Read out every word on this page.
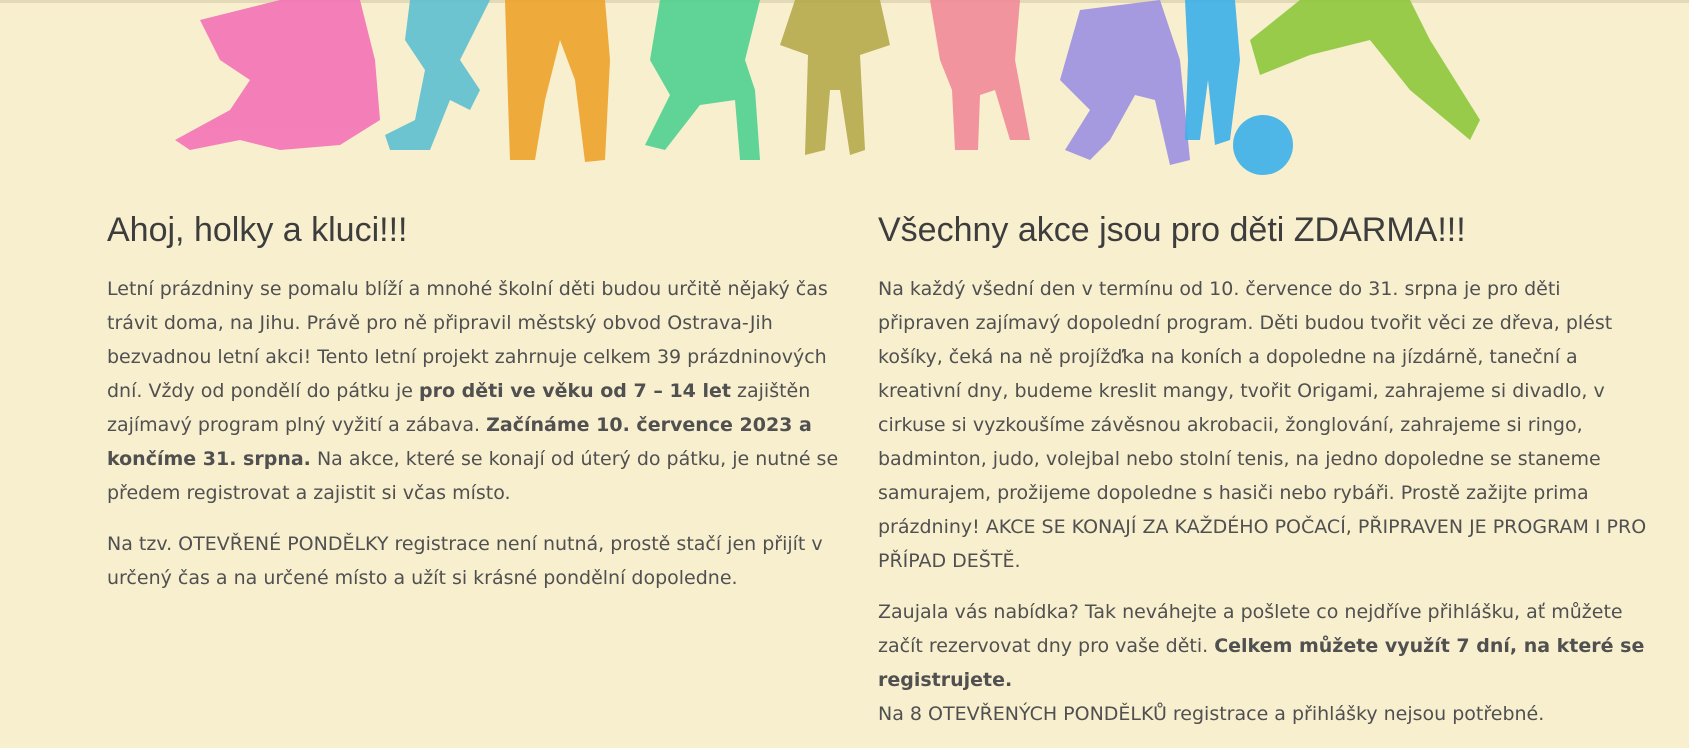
Ahoj, holky a kluci!!!

Letní prázdniny se pomalu blíží a mnohé školní děti budou určitě nějaký čas trávit doma, na Jihu. Právě pro ně připravil městský obvod Ostrava-Jih bezvadnou letní akci! Tento letní projekt zahrnuje celkem 39 prázdninových dní. Vždy od pondělí do pátku je pro děti ve věku od 7 – 14 let zajištěn zajímavý program plný vyžití a zábava. Začínáme 10. července 2023 a končíme 31. srpna. Na akce, které se konají od úterý do pátku, je nutné se předem registrovat a zajistit si včas místo.

Na tzv. OTEVŘENÉ PONDĚLKY registrace není nutná, prostě stačí jen přijít v určený čas a na určené místo a užít si krásné pondělní dopoledne.

Všechny akce jsou pro děti ZDARMA!!!

Na každý všední den v termínu od 10. července do 31. srpna je pro děti připraven zajímavý dopolední program. Děti budou tvořit věci ze dřeva, plést košíky, čeká na ně projížďka na koních a dopoledne na jízdárně, taneční a kreativní dny, budeme kreslit mangy, tvořit Origami, zahrajeme si divadlo, v cirkuse si vyzkoušíme závěsnou akrobacii, žonglování, zahrajeme si ringo, badminton, judo, volejbal nebo stolní tenis, na jedno dopoledne se staneme samurajem, prožijeme dopoledne s hasiči nebo rybáři. Prostě zažijte prima prázdniny! AKCE SE KONAJÍ ZA KAŽDÉHO POČACÍ, PŘIPRAVEN JE PROGRAM I PRO PŘÍPAD DEŠTĚ.

Zaujala vás nabídka? Tak neváhejte a pošlete co nejdříve přihlášku, ať můžete začít rezervovat dny pro vaše děti. Celkem můžete využít 7 dní, na které se registrujete.
Na 8 OTEVŘENÝCH PONDĚLKŮ registrace a přihlášky nejsou potřebné.
